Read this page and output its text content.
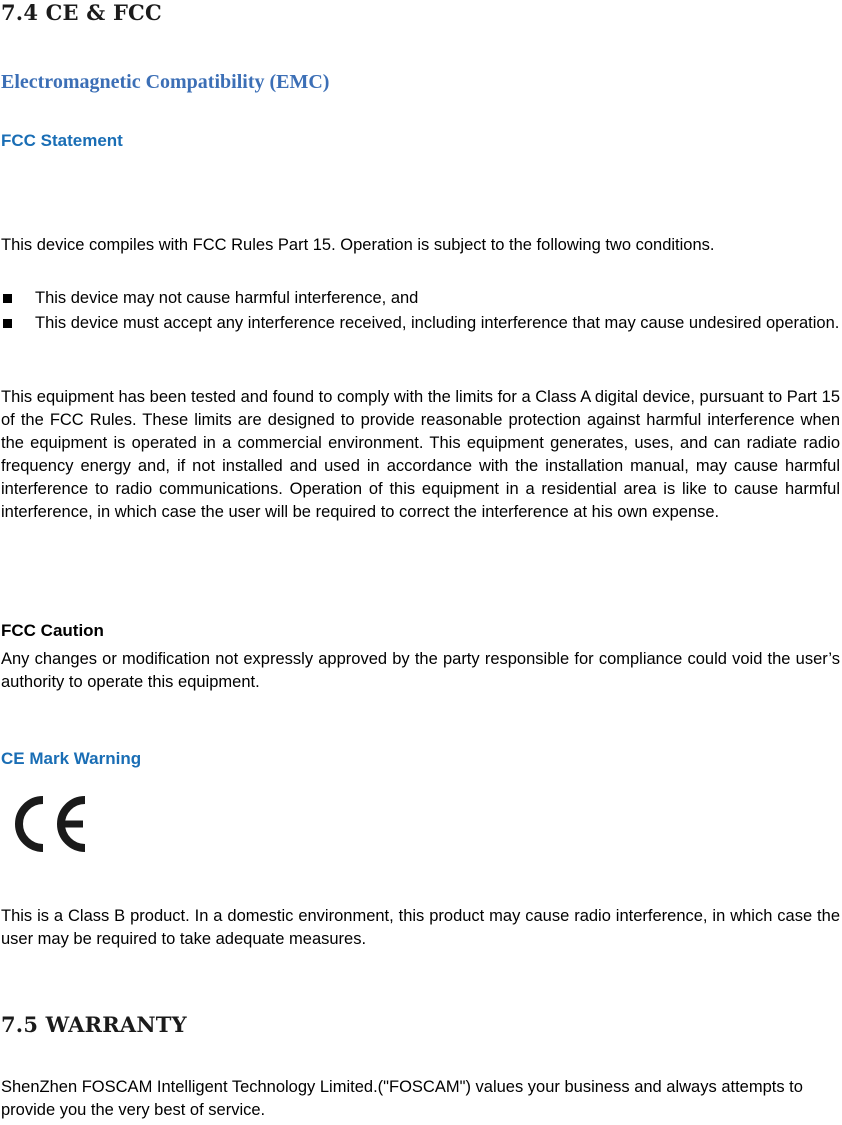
7.4 CE & FCC
Electromagnetic Compatibility (EMC)
FCC Statement

This device compiles with FCC Rules Part 15. Operation is subject to the following two conditions.

This device may not cause harmful interference, and
This device must accept any interference received, including interference that may cause undesired operation.

This equipment has been tested and found to comply with the limits for a Class A digital device, pursuant to Part 15 of the FCC Rules. These limits are designed to provide reasonable protection against harmful interference when the equipment is operated in a commercial environment. This equipment generates, uses, and can radiate radio frequency energy and, if not installed and used in accordance with the installation manual, may cause harmful interference to radio communications. Operation of this equipment in a residential area is like to cause harmful interference, in which case the user will be required to correct the interference at his own expense.

FCC Caution

Any changes or modification not expressly approved by the party responsible for compliance could void the user’s authority to operate this equipment.

CE Mark Warning

This is a Class B product. In a domestic environment, this product may cause radio interference, in which case the user may be required to take adequate measures.

7.5 WARRANTY

ShenZhen FOSCAM Intelligent Technology Limited.("FOSCAM") values your business and always attempts to provide you the very best of service.
